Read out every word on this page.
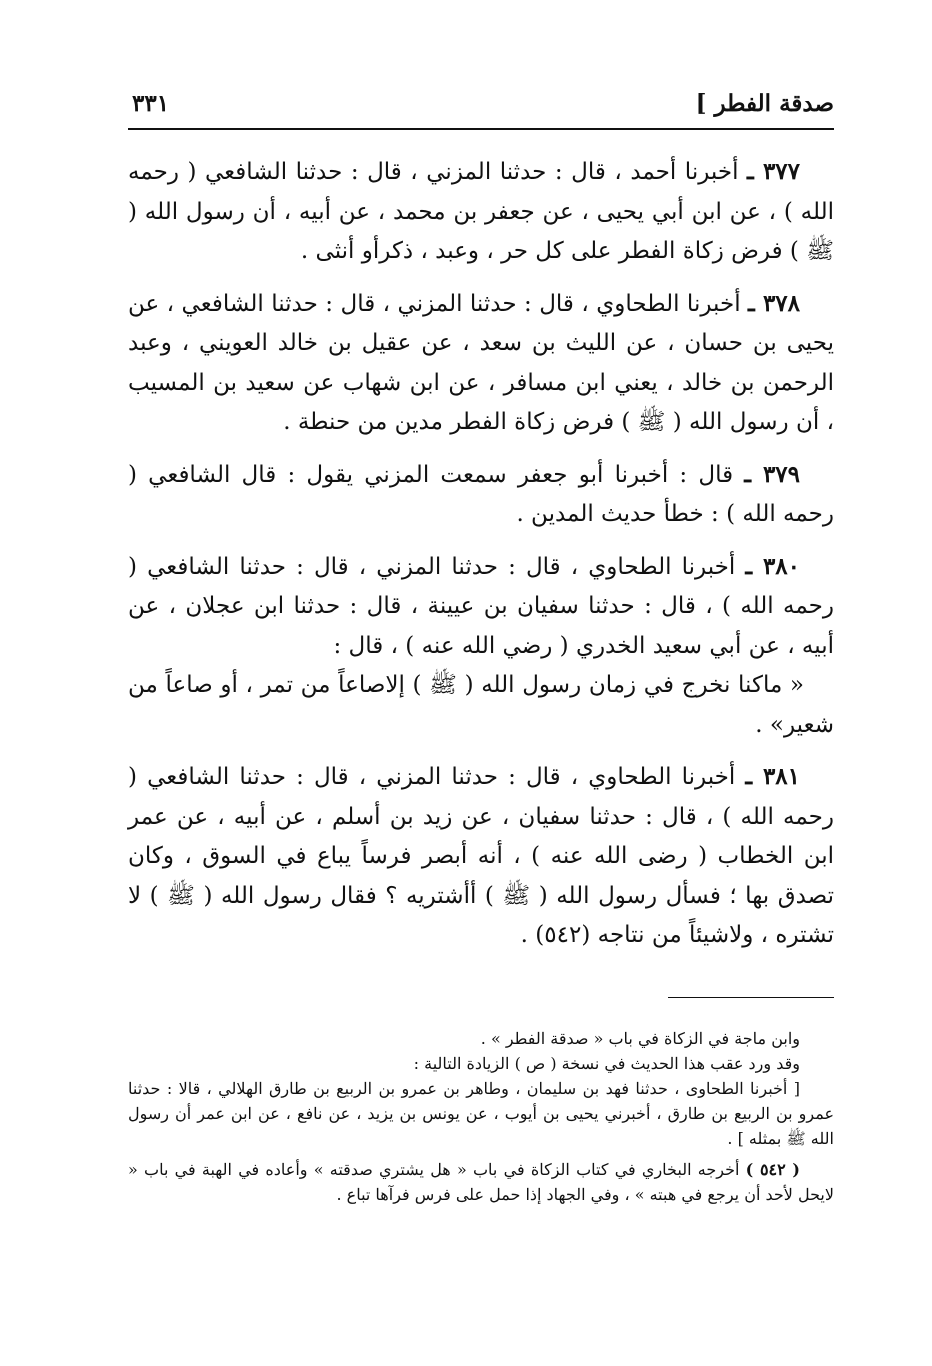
صدقة الفطر ]
٣٣١

٣٧٧ ـ أخبرنا أحمد ، قال : حدثنا المزني ، قال : حدثنا الشافعي ( رحمه الله ) ، عن ابن أبي يحيى ، عن جعفر بن محمد ، عن أبيه ، أن رسول الله ( ﷺ ) فرض زكاة الفطر على كل حر ، وعبد ، ذكرأو أنثى .

٣٧٨ ـ أخبرنا الطحاوي ، قال : حدثنا المزني ، قال : حدثنا الشافعي ، عن يحيى بن حسان ، عن الليث بن سعد ، عن عقيل بن خالد العويني ، وعبد الرحمن بن خالد ، يعني ابن مسافر ، عن ابن شهاب عن سعيد بن المسيب ، أن رسول الله ( ﷺ ) فرض زكاة الفطر مدين من حنطة .

٣٧٩ ـ قال : أخبرنا أبو جعفر سمعت المزني يقول : قال الشافعي ( رحمه الله ) : خطأ حديث المدين .

٣٨٠ ـ أخبرنا الطحاوي ، قال : حدثنا المزني ، قال : حدثنا الشافعي ( رحمه الله ) ، قال : حدثنا سفيان بن عيينة ، قال : حدثنا ابن عجلان ، عن أبيه ، عن أبي سعيد الخدري ( رضي الله عنه ) ، قال :
« ماكنا نخرج في زمان رسول الله ( ﷺ ) إلاصاعاً من تمر ، أو صاعاً من شعير» .

٣٨١ ـ أخبرنا الطحاوي ، قال : حدثنا المزني ، قال : حدثنا الشافعي ( رحمه الله ) ، قال : حدثنا سفيان ، عن زيد بن أسلم ، عن أبيه ، عن عمر ابن الخطاب ( رضى الله عنه ) ، أنه أبصر فرساً يباع في السوق ، وكان تصدق بها ؛ فسأل رسول الله ( ﷺ ) أأشتريه ؟ فقال رسول الله ( ﷺ ) لا تشتره ، ولاشيئاً من نتاجه (٥٤٢) .

وابن ماجة في الزكاة في باب « صدقة الفطر » .

وقد ورد عقب هذا الحديث في نسخة ( ص ) الزيادة التالية :

[ أخبرنا الطحاوى ، حدثنا فهد بن سليمان ، وطاهر بن عمرو بن الربيع بن طارق الهلالي ، قالا : حدثنا عمرو بن الربيع بن طارق ، أخبرني يحيى بن أيوب ، عن يونس بن يزيد ، عن نافع ، عن ابن عمر أن رسول الله ﷺ بمثله ] .

( ٥٤٢ ) أخرجه البخاري في كتاب الزكاة في باب « هل يشتري صدقته » وأعاده في الهبة في باب « لايحل لأحد أن يرجع في هبته » ، وفي الجهاد إذا حمل على فرس فرآها تباع .
